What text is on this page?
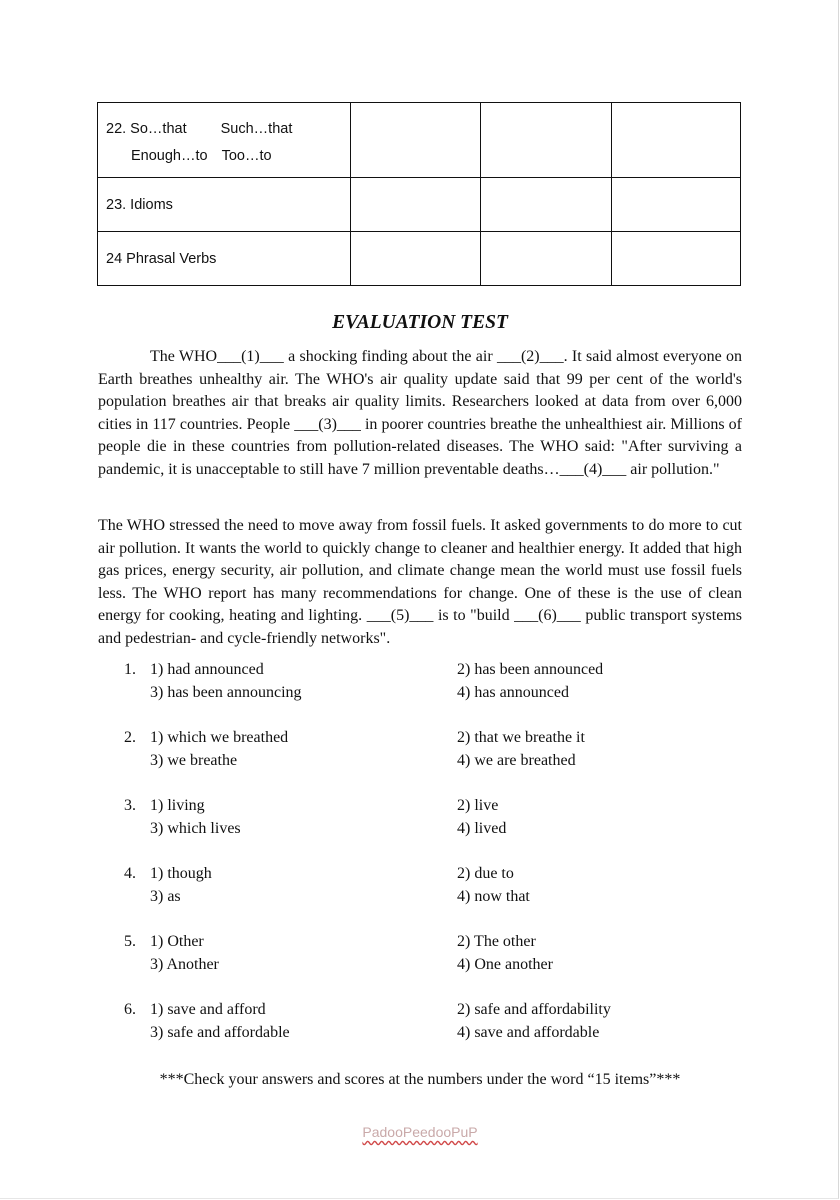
22. So…that Such…that
Enough…to Too…to			

23. Idioms			
24 Phrasal Verbs			
EVALUATION TEST

The WHO___(1)___ a shocking finding about the air ___(2)___. It said almost everyone on Earth breathes unhealthy air. The WHO's air quality update said that 99 per cent of the world's population breathes air that breaks air quality limits. Researchers looked at data from over 6,000 cities in 117 countries. People ___(3)___ in poorer countries breathe the unhealthiest air. Millions of people die in these countries from pollution-related diseases. The WHO said: "After surviving a pandemic, it is unacceptable to still have 7 million preventable deaths…___(4)___ air pollution."

The WHO stressed the need to move away from fossil fuels. It asked governments to do more to cut air pollution. It wants the world to quickly change to cleaner and healthier energy. It added that high gas prices, energy security, air pollution, and climate change mean the world must use fossil fuels less. The WHO report has many recommendations for change. One of these is the use of clean energy for cooking, heating and lighting. ___(5)___ is to "build ___(6)___ public transport systems and pedestrian- and cycle-friendly networks".

1. 1) had announced	2) has been announced
3) has been announcing	4) has announced
2. 1) which we breathed	2) that we breathe it
3) we breathe	4) we are breathed
3. 1) living	2) live
3) which lives	4) lived
4. 1) though	2) due to
3) as	4) now that
5. 1) Other	2) The other
3) Another	4) One another
6. 1) save and afford	2) safe and affordability
3) safe and affordable	4) save and affordable
***Check your answers and scores at the numbers under the word “15 items”***
PadooPeedooPuP
